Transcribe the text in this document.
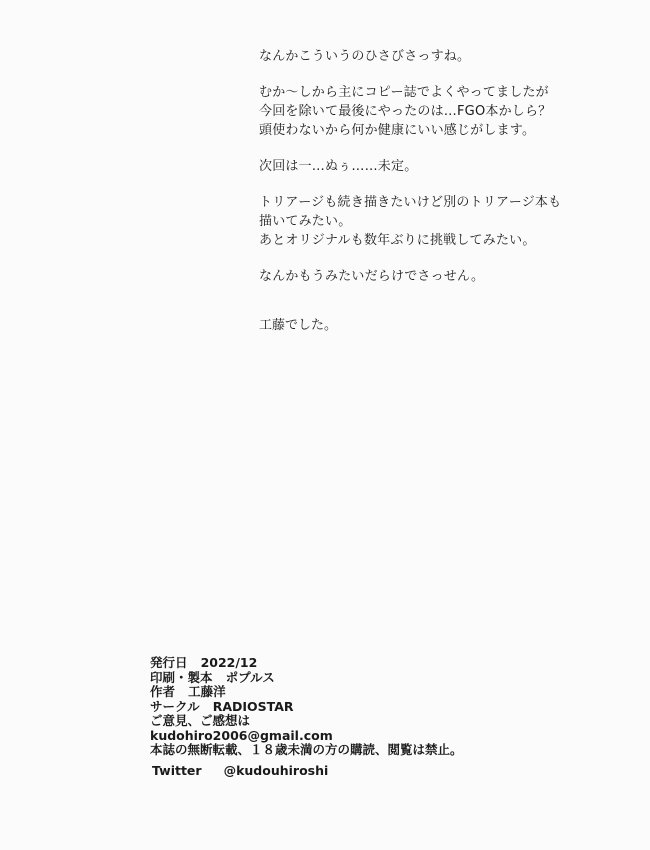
なんかこういうのひさびさっすね。

むか～しから主にコピー誌でよくやってましたが
今回を除いて最後にやったのは…FGO本かしら？
頭使わないから何か健康にいい感じがします。

次回は一…ぬぅ……未定。

トリアージも続き描きたいけど別のトリアージ本も
描いてみたい。
あとオリジナルも数年ぶりに挑戦してみたい。

なんかもうみたいだらけでさっせん。

工藤でした。
発行日 2022/12
印刷・製本 ポプルス
作者 工藤洋
サークル RADIOSTAR
ご意見、ご感想は
kudohiro2006@gmail.com
本誌の無断転載、１８歳未満の方の購読、閲覧は禁止。
Twitter @kudouhiroshi
